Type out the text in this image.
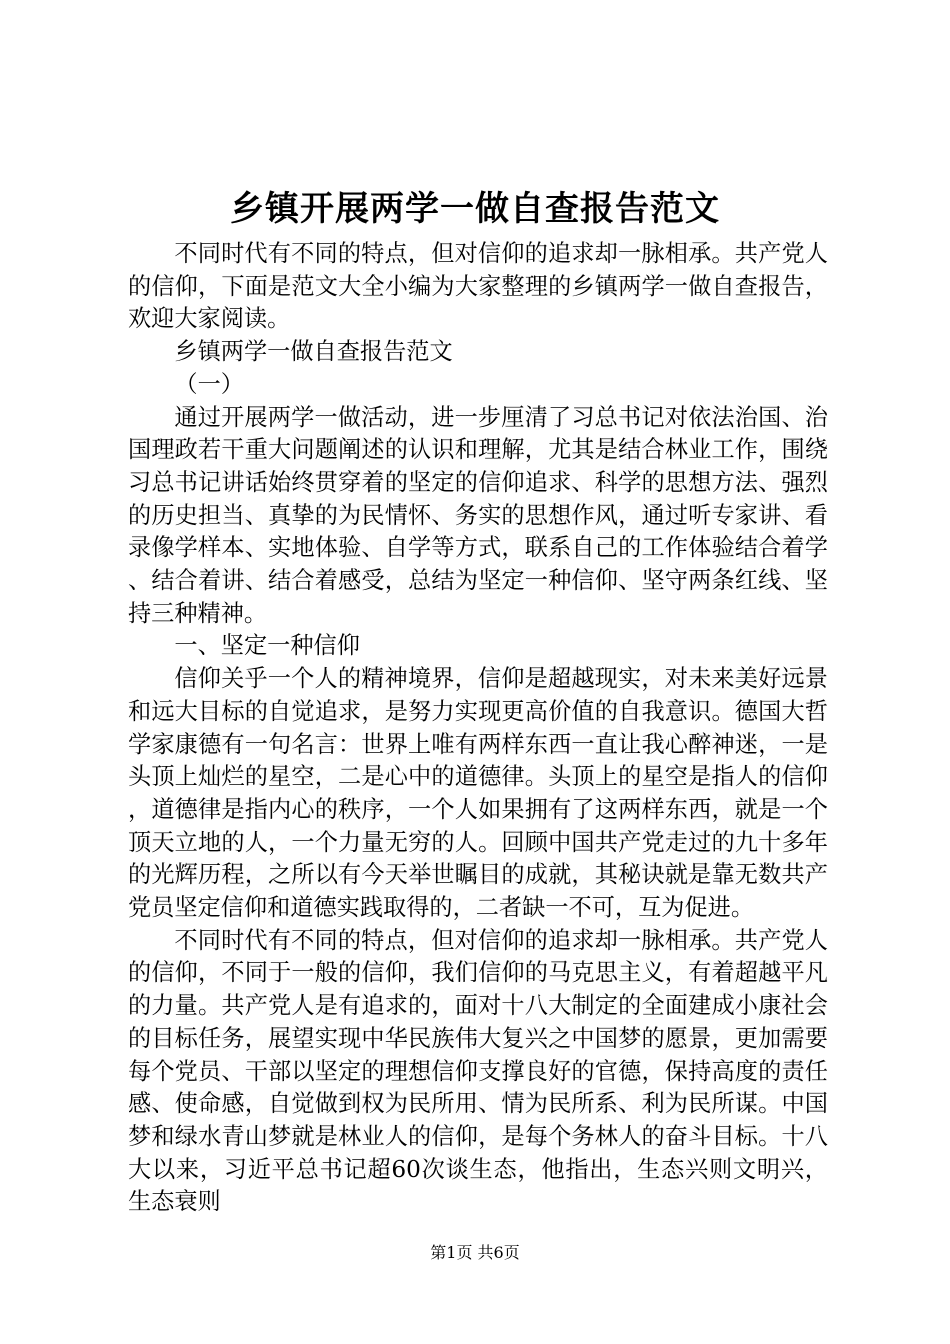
乡镇开展两学一做自查报告范文

不同时代有不同的特点，但对信仰的追求却一脉相承。共产党人的信仰，下面是范文大全小编为大家整理的乡镇两学一做自查报告，欢迎大家阅读。

乡镇两学一做自查报告范文

（一）

通过开展两学一做活动，进一步厘清了习总书记对依法治国、治国理政若干重大问题阐述的认识和理解，尤其是结合林业工作，围绕习总书记讲话始终贯穿着的坚定的信仰追求、科学的思想方法、强烈的历史担当、真挚的为民情怀、务实的思想作风，通过听专家讲、看录像学样本、实地体验、自学等方式，联系自己的工作体验结合着学、结合着讲、结合着感受，总结为坚定一种信仰、坚守两条红线、坚持三种精神。

一、坚定一种信仰

信仰关乎一个人的精神境界，信仰是超越现实，对未来美好远景和远大目标的自觉追求，是努力实现更高价值的自我意识。德国大哲学家康德有一句名言：世界上唯有两样东西一直让我心醉神迷，一是头顶上灿烂的星空，二是心中的道德律。头顶上的星空是指人的信仰，道德律是指内心的秩序，一个人如果拥有了这两样东西，就是一个顶天立地的人，一个力量无穷的人。回顾中国共产党走过的九十多年的光辉历程，之所以有今天举世瞩目的成就，其秘诀就是靠无数共产党员坚定信仰和道德实践取得的，二者缺一不可，互为促进。

不同时代有不同的特点，但对信仰的追求却一脉相承。共产党人的信仰，不同于一般的信仰，我们信仰的马克思主义，有着超越平凡的力量。共产党人是有追求的，面对十八大制定的全面建成小康社会的目标任务，展望实现中华民族伟大复兴之中国梦的愿景，更加需要每个党员、干部以坚定的理想信仰支撑良好的官德，保持高度的责任感、使命感，自觉做到权为民所用、情为民所系、利为民所谋。中国梦和绿水青山梦就是林业人的信仰，是每个务林人的奋斗目标。十八大以来，习近平总书记超60次谈生态，他指出，生态兴则文明兴，生态衰则

第1页 共6页
